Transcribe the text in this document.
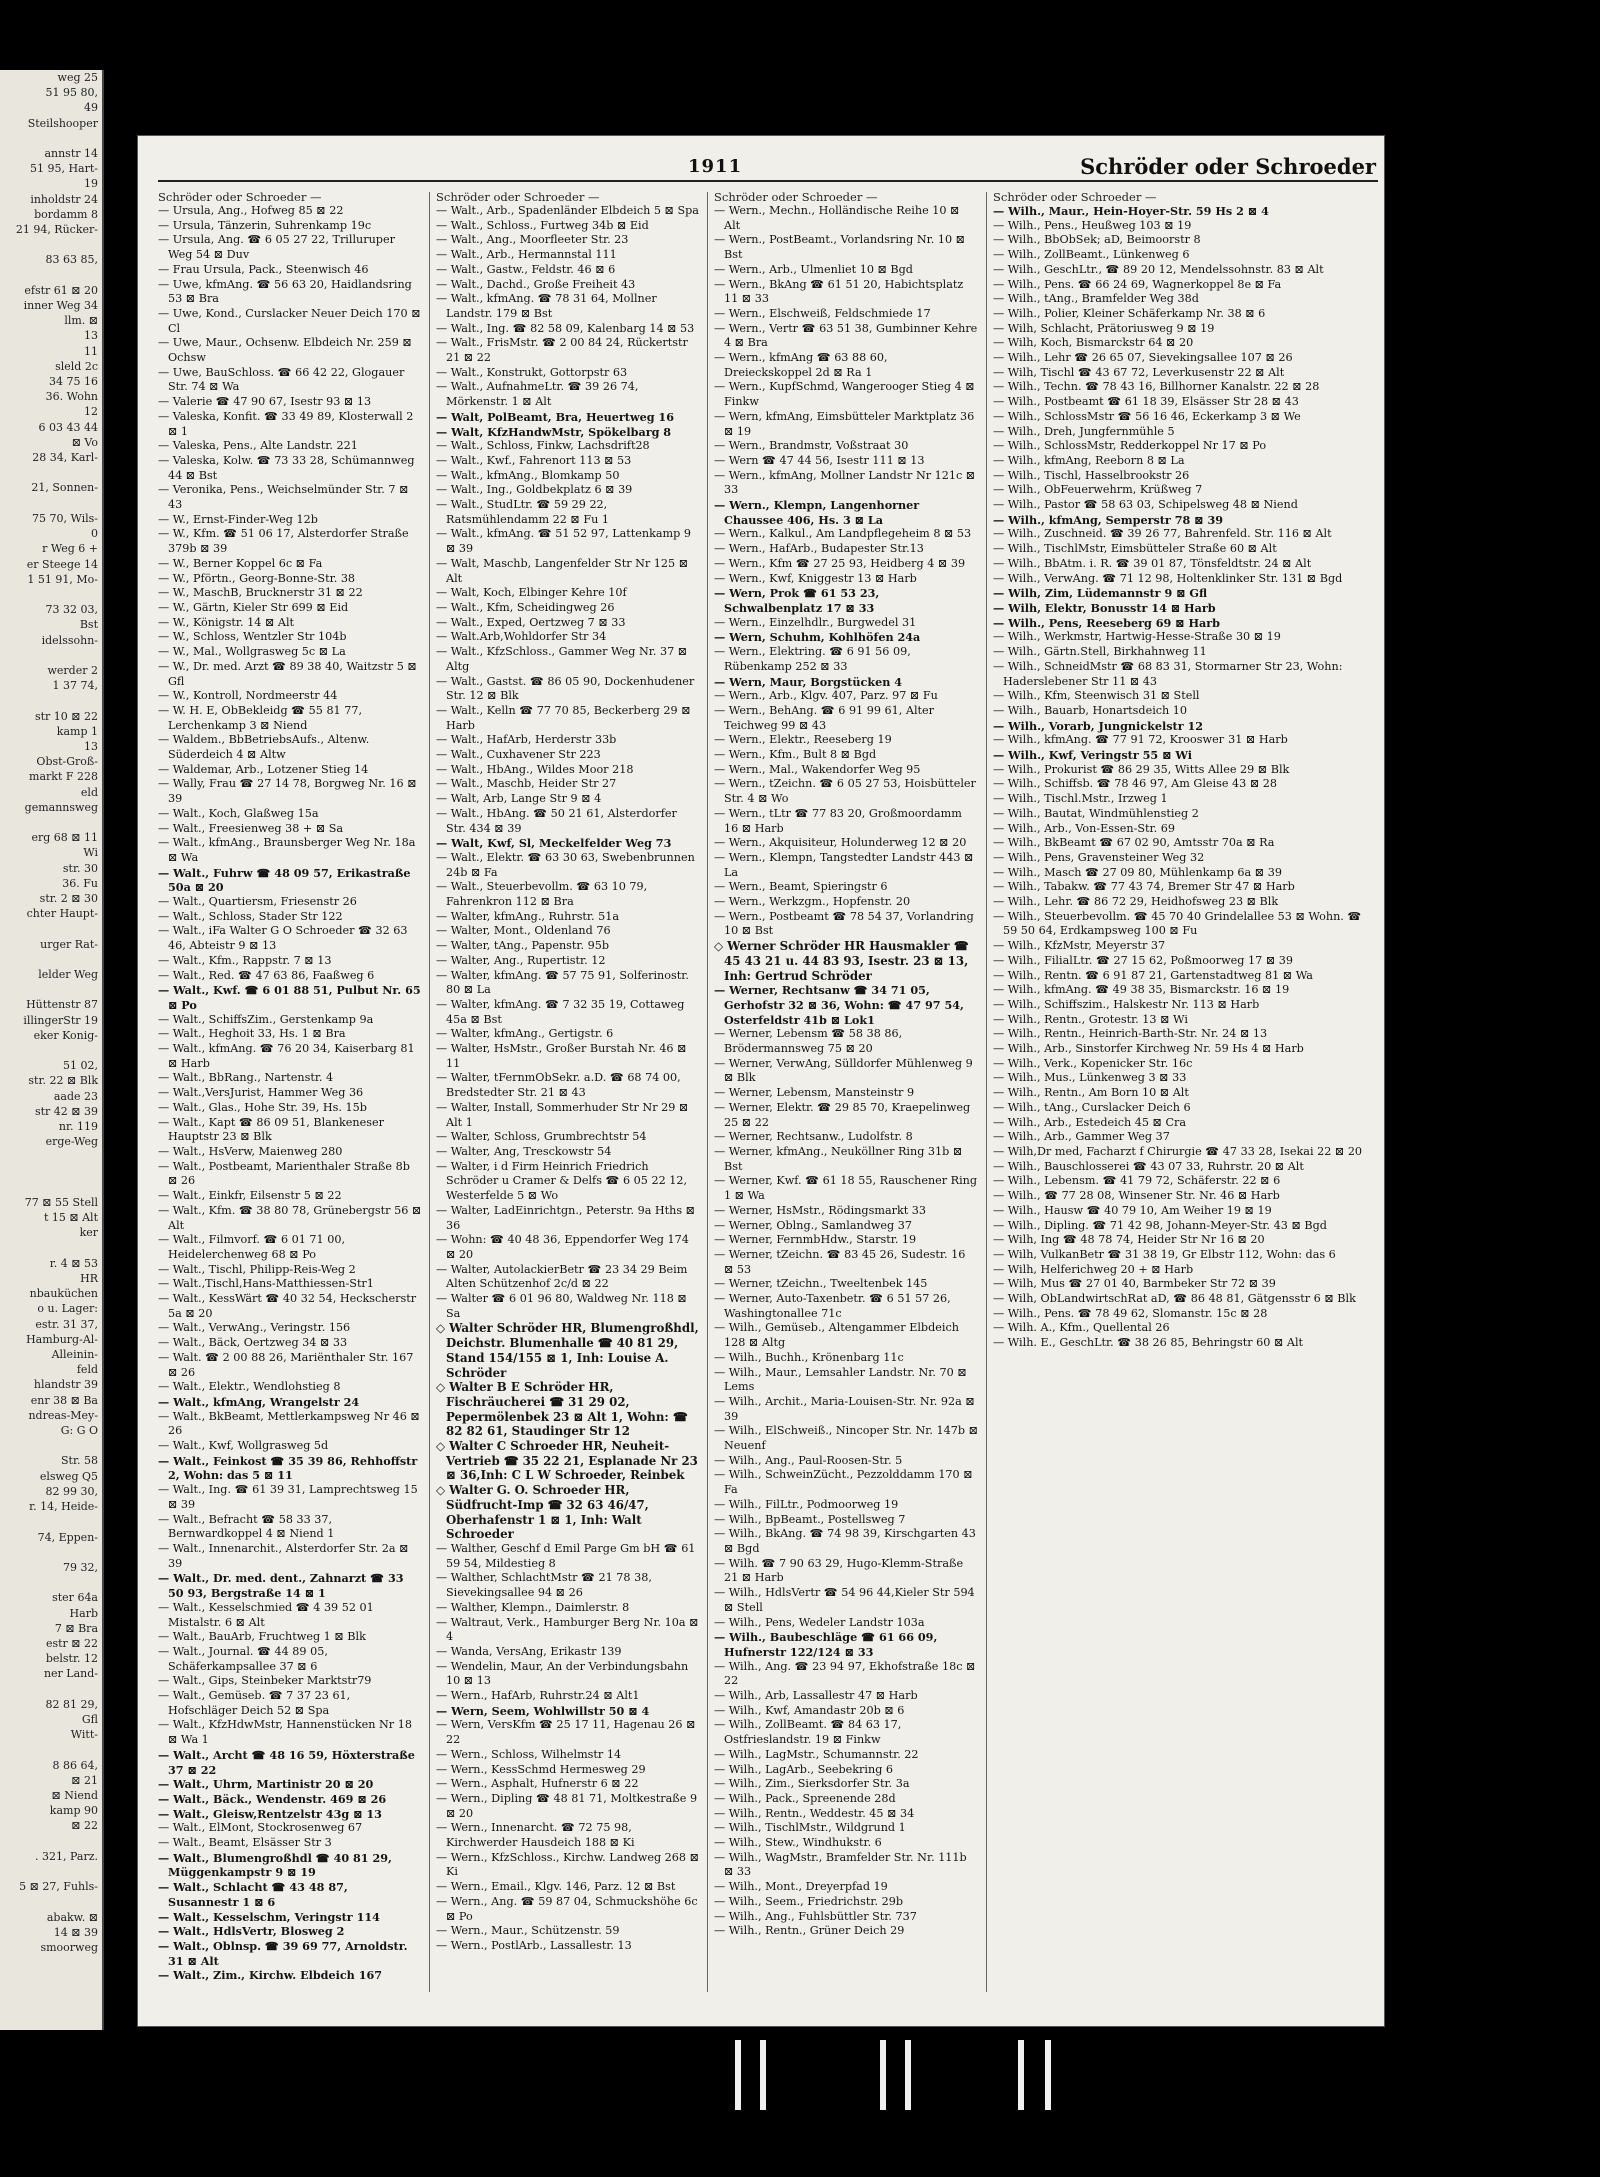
weg 25
51 95 80,
49
Steilshooper

annstr 14
51 95, Hart-
19
inholdstr 24
bordamm 8
21 94, Rücker-

83 63 85,

efstr 61 ⊠ 20
inner Weg 34
llm. ⊠
13
11
sleld 2c
34 75 16
36. Wohn
12
6 03 43 44
⊠ Vo
28 34, Karl-

21, Sonnen-

75 70, Wils-
0
r Weg 6 +
er Steege 14
1 51 91, Mo-

73 32 03,
Bst
idelssohn-

werder 2
1 37 74,

str 10 ⊠ 22
kamp 1
13
Obst-Groß-
markt F 228
eld
gemannsweg

erg 68 ⊠ 11
Wi
str. 30
36. Fu
str. 2 ⊠ 30
chter Haupt-

urger Rat-

lelder Weg

Hüttenstr 87
illingerStr 19
eker Konig-

51 02,
str. 22 ⊠ Blk
aade 23
str 42 ⊠ 39
nr. 119
erge-Weg

77 ⊠ 55 Stell
t 15 ⊠ Alt
ker

r. 4 ⊠ 53
HR
nbauküchen
o u. Lager:
estr. 31 37,
Hamburg-Al-
Alleinin-
feld
hlandstr 39
enr 38 ⊠ Ba
ndreas-Mey-
G: G O

Str. 58
elsweg Q5
82 99 30,
r. 14, Heide-

74, Eppen-

79 32,

ster 64a
Harb
7 ⊠ Bra
estr ⊠ 22
belstr. 12
ner Land-

82 81 29,
Gfl
Witt-

8 86 64,
⊠ 21
⊠ Niend
kamp 90
⊠ 22

. 321, Parz.

5 ⊠ 27, Fuhls-

abakw. ⊠
14 ⊠ 39
smoorweg
1911	Schröder oder Schroeder
Schröder oder Schroeder —
— Ursula, Ang., Hofweg 85 ⊠ 22
— Ursula, Tänzerin, Suhrenkamp 19c
— Ursula, Ang. ☎ 6 05 27 22, Trilluruper Weg 54 ⊠ Duv
— Frau Ursula, Pack., Steenwisch 46
— Uwe, kfmAng. ☎ 56 63 20, Haidlandsring 53 ⊠ Bra
— Uwe, Kond., Curslacker Neuer Deich 170 ⊠ Cl
— Uwe, Maur., Ochsenw. Elbdeich Nr. 259 ⊠ Ochsw
— Uwe, BauSchloss. ☎ 66 42 22, Glogauer Str. 74 ⊠ Wa
— Valerie ☎ 47 90 67, Isestr 93 ⊠ 13
— Valeska, Konfit. ☎ 33 49 89, Klosterwall 2 ⊠ 1
— Valeska, Pens., Alte Landstr. 221
— Valeska, Kolw. ☎ 73 33 28, Schümannweg 44 ⊠ Bst
— Veronika, Pens., Weichselmünder Str. 7 ⊠ 43
— W., Ernst-Finder-Weg 12b
— W., Kfm. ☎ 51 06 17, Alsterdorfer Straße 379b ⊠ 39
— W., Berner Koppel 6c ⊠ Fa
— W., Pförtn., Georg-Bonne-Str. 38
— W., MaschB, Brucknerstr 31 ⊠ 22
— W., Gärtn, Kieler Str 699 ⊠ Eid
— W., Königstr. 14 ⊠ Alt
— W., Schloss, Wentzler Str 104b
— W., Mal., Wollgrasweg 5c ⊠ La
— W., Dr. med. Arzt ☎ 89 38 40, Waitzstr 5 ⊠ Gfl
— W., Kontroll, Nordmeerstr 44
— W. H. E, ObBekleidg ☎ 55 81 77, Lerchenkamp 3 ⊠ Niend
— Waldem., BbBetriebsAufs., Altenw. Süderdeich 4 ⊠ Altw
— Waldemar, Arb., Lotzener Stieg 14
— Wally, Frau ☎ 27 14 78, Borgweg Nr. 16 ⊠ 39
— Walt., Koch, Glaßweg 15a
— Walt., Freesienweg 38 + ⊠ Sa
— Walt., kfmAng., Braunsberger Weg Nr. 18a ⊠ Wa
— Walt., Fuhrw ☎ 48 09 57, Erikastraße 50a ⊠ 20
— Walt., Quartiersm, Friesenstr 26
— Walt., Schloss, Stader Str 122
— Walt., iFa Walter G O Schroeder ☎ 32 63 46, Abteistr 9 ⊠ 13
— Walt., Kfm., Rappstr. 7 ⊠ 13
— Walt., Red. ☎ 47 63 86, Faaßweg 6
— Walt., Kwf. ☎ 6 01 88 51, Pulbut Nr. 65 ⊠ Po
— Walt., SchiffsZim., Gerstenkamp 9a
— Walt., Heghoit 33, Hs. 1 ⊠ Bra
— Walt., kfmAng. ☎ 76 20 34, Kaiserbarg 81 ⊠ Harb
— Walt., BbRang., Nartenstr. 4
— Walt.,VersJurist, Hammer Weg 36
— Walt., Glas., Hohe Str. 39, Hs. 15b
— Walt., Kapt ☎ 86 09 51, Blankeneser Hauptstr 23 ⊠ Blk
— Walt., HsVerw, Maienweg 280
— Walt., Postbeamt, Marienthaler Straße 8b ⊠ 26
— Walt., Einkfr, Eilsenstr 5 ⊠ 22
— Walt., Kfm. ☎ 38 80 78, Grünebergstr 56 ⊠ Alt
— Walt., Filmvorf. ☎ 6 01 71 00, Heidelerchenweg 68 ⊠ Po
— Walt., Tischl, Philipp-Reis-Weg 2
— Walt.,Tischl,Hans-Matthiessen-Str1
— Walt., KessWärt ☎ 40 32 54, Heckscherstr 5a ⊠ 20
— Walt., VerwAng., Veringstr. 156
— Walt., Bäck, Oertzweg 34 ⊠ 33
— Walt. ☎ 2 00 88 26, Mariënthaler Str. 167 ⊠ 26
— Walt., Elektr., Wendlohstieg 8
— Walt., kfmAng, Wrangelstr 24
— Walt., BkBeamt, Mettlerkampsweg Nr 46 ⊠ 26
— Walt., Kwf, Wollgrasweg 5d
— Walt., Feinkost ☎ 35 39 86, Rehhoffstr 2, Wohn: das 5 ⊠ 11
— Walt., Ing. ☎ 61 39 31, Lamprechtsweg 15 ⊠ 39
— Walt., Befracht ☎ 58 33 37, Bernwardkoppel 4 ⊠ Niend 1
— Walt., Innenarchit., Alsterdorfer Str. 2a ⊠ 39
— Walt., Dr. med. dent., Zahnarzt ☎ 33 50 93, Bergstraße 14 ⊠ 1
— Walt., Kesselschmied ☎ 4 39 52 01 Mistalstr. 6 ⊠ Alt
— Walt., BauArb, Fruchtweg 1 ⊠ Blk
— Walt., Journal. ☎ 44 89 05, Schäferkampsallee 37 ⊠ 6
— Walt., Gips, Steinbeker Marktstr79
— Walt., Gemüseb. ☎ 7 37 23 61, Hofschläger Deich 52 ⊠ Spa
— Walt., KfzHdwMstr, Hannenstücken Nr 18 ⊠ Wa 1
— Walt., Archt ☎ 48 16 59, Höxterstraße 37 ⊠ 22
— Walt., Uhrm, Martinistr 20 ⊠ 20
— Walt., Bäck., Wendenstr. 469 ⊠ 26
— Walt., Gleisw,Rentzelstr 43g ⊠ 13
— Walt., ElMont, Stockrosenweg 67
— Walt., Beamt, Elsässer Str 3
— Walt., Blumengroßhdl ☎ 40 81 29, Müggenkampstr 9 ⊠ 19
— Walt., Schlacht ☎ 43 48 87, Susannestr 1 ⊠ 6
— Walt., Kesselschm, Veringstr 114
— Walt., HdlsVertr, Blosweg 2
— Walt., Oblnsp. ☎ 39 69 77, Arnoldstr. 31 ⊠ Alt
— Walt., Zim., Kirchw. Elbdeich 167
Schröder oder Schroeder —
— Walt., Arb., Spadenländer Elbdeich 5 ⊠ Spa
— Walt., Schloss., Furtweg 34b ⊠ Eid
— Walt., Ang., Moorfleeter Str. 23
— Walt., Arb., Hermannstal 111
— Walt., Gastw., Feldstr. 46 ⊠ 6
— Walt., Dachd., Große Freiheit 43
— Walt., kfmAng. ☎ 78 31 64, Mollner Landstr. 179 ⊠ Bst
— Walt., Ing. ☎ 82 58 09, Kalenbarg 14 ⊠ 53
— Walt., FrisMstr. ☎ 2 00 84 24, Rückertstr 21 ⊠ 22
— Walt., Konstrukt, Gottorpstr 63
— Walt., AufnahmeLtr. ☎ 39 26 74, Mörkenstr. 1 ⊠ Alt
— Walt, PolBeamt, Bra, Heuertweg 16
— Walt, KfzHandwMstr, Spökelbarg 8
— Walt., Schloss, Finkw, Lachsdrift28
— Walt., Kwf., Fahrenort 113 ⊠ 53
— Walt., kfmAng., Blomkamp 50
— Walt., Ing., Goldbekplatz 6 ⊠ 39
— Walt., StudLtr. ☎ 59 29 22, Ratsmühlendamm 22 ⊠ Fu 1
— Walt., kfmAng. ☎ 51 52 97, Lattenkamp 9 ⊠ 39
— Walt, Maschb, Langenfelder Str Nr 125 ⊠ Alt
— Walt, Koch, Elbinger Kehre 10f
— Walt., Kfm, Scheidingweg 26
— Walt., Exped, Oertzweg 7 ⊠ 33
— Walt.Arb,Wohldorfer Str 34
— Walt., KfzSchloss., Gammer Weg Nr. 37 ⊠ Altg
— Walt., Gastst. ☎ 86 05 90, Dockenhudener Str. 12 ⊠ Blk
— Walt., Kelln ☎ 77 70 85, Beckerberg 29 ⊠ Harb
— Walt., HafArb, Herderstr 33b
— Walt., Cuxhavener Str 223
— Walt., HbAng., Wildes Moor 218
— Walt., Maschb, Heider Str 27
— Walt, Arb, Lange Str 9 ⊠ 4
— Walt., HbAng. ☎ 50 21 61, Alsterdorfer Str. 434 ⊠ 39
— Walt, Kwf, Sl, Meckelfelder Weg 73
— Walt., Elektr. ☎ 63 30 63, Swebenbrunnen 24b ⊠ Fa
— Walt., Steuerbevollm. ☎ 63 10 79, Fahrenkron 112 ⊠ Bra
— Walter, kfmAng., Ruhrstr. 51a
— Walter, Mont., Oldenland 76
— Walter, tAng., Papenstr. 95b
— Walter, Ang., Rupertistr. 12
— Walter, kfmAng. ☎ 57 75 91, Solferinostr. 80 ⊠ La
— Walter, kfmAng. ☎ 7 32 35 19, Cottaweg 45a ⊠ Bst
— Walter, kfmAng., Gertigstr. 6
— Walter, HsMstr., Großer Burstah Nr. 46 ⊠ 11
— Walter, tFernmObSekr. a.D. ☎ 68 74 00, Bredstedter Str. 21 ⊠ 43
— Walter, Install, Sommerhuder Str Nr 29 ⊠ Alt 1
— Walter, Schloss, Grumbrechtstr 54
— Walter, Ang, Tresckowstr 54
— Walter, i d Firm Heinrich Friedrich Schröder u Cramer & Delfs ☎ 6 05 22 12, Westerfelde 5 ⊠ Wo
— Walter, LadEinrichtgn., Peterstr. 9a Hths ⊠ 36
— Wohn: ☎ 40 48 36, Eppendorfer Weg 174 ⊠ 20
— Walter, AutolackierBetr ☎ 23 34 29 Beim Alten Schützenhof 2c/d ⊠ 22
— Walter ☎ 6 01 96 80, Waldweg Nr. 118 ⊠ Sa
◇ Walter Schröder HR, Blumengroßhdl, Deichstr. Blumenhalle ☎ 40 81 29, Stand 154/155 ⊠ 1, Inh: Louise A. Schröder
◇ Walter B E Schröder HR, Fischräucherei ☎ 31 29 02, Pepermölenbek 23 ⊠ Alt 1, Wohn: ☎ 82 82 61, Staudinger Str 12
◇ Walter C Schroeder HR, Neuheit-Vertrieb ☎ 35 22 21, Esplanade Nr 23 ⊠ 36,Inh: C L W Schroeder, Reinbek
◇ Walter G. O. Schroeder HR, Südfrucht-Imp ☎ 32 63 46/47, Oberhafenstr 1 ⊠ 1, Inh: Walt Schroeder
— Walther, Geschf d Emil Parge Gm bH ☎ 61 59 54, Mildestieg 8
— Walther, SchlachtMstr ☎ 21 78 38, Sievekingsallee 94 ⊠ 26
— Walther, Klempn., Daimlerstr. 8
— Waltraut, Verk., Hamburger Berg Nr. 10a ⊠ 4
— Wanda, VersAng, Erikastr 139
— Wendelin, Maur, An der Verbindungsbahn 10 ⊠ 13
— Wern., HafArb, Ruhrstr.24 ⊠ Alt1
— Wern, Seem, Wohlwillstr 50 ⊠ 4
— Wern, VersKfm ☎ 25 17 11, Hagenau 26 ⊠ 22
— Wern., Schloss, Wilhelmstr 14
— Wern., KessSchmd Hermesweg 29
— Wern., Asphalt, Hufnerstr 6 ⊠ 22
— Wern., Dipling ☎ 48 81 71, Moltkestraße 9 ⊠ 20
— Wern., Innenarcht. ☎ 72 75 98, Kirchwerder Hausdeich 188 ⊠ Ki
— Wern., KfzSchloss., Kirchw. Landweg 268 ⊠ Ki
— Wern., Email., Klgv. 146, Parz. 12 ⊠ Bst
— Wern., Ang. ☎ 59 87 04, Schmuckshöhe 6c ⊠ Po
— Wern., Maur., Schützenstr. 59
— Wern., PostlArb., Lassallestr. 13
Schröder oder Schroeder —
— Wern., Mechn., Holländische Reihe 10 ⊠ Alt
— Wern., PostBeamt., Vorlandsring Nr. 10 ⊠ Bst
— Wern., Arb., Ulmenliet 10 ⊠ Bgd
— Wern., BkAng ☎ 61 51 20, Habichtsplatz 11 ⊠ 33
— Wern., Elschweiß, Feldschmiede 17
— Wern., Vertr ☎ 63 51 38, Gumbinner Kehre 4 ⊠ Bra
— Wern., kfmAng ☎ 63 88 60, Dreieckskoppel 2d ⊠ Ra 1
— Wern., KupfSchmd, Wangerooger Stieg 4 ⊠ Finkw
— Wern, kfmAng, Eimsbütteler Marktplatz 36 ⊠ 19
— Wern., Brandmstr, Voßstraat 30
— Wern ☎ 47 44 56, Isestr 111 ⊠ 13
— Wern., kfmAng, Mollner Landstr Nr 121c ⊠ 33
— Wern., Klempn, Langenhorner Chaussee 406, Hs. 3 ⊠ La
— Wern., Kalkul., Am Landpflegeheim 8 ⊠ 53
— Wern., HafArb., Budapester Str.13
— Wern., Kfm ☎ 27 25 93, Heidberg 4 ⊠ 39
— Wern., Kwf, Kniggestr 13 ⊠ Harb
— Wern, Prok ☎ 61 53 23, Schwalbenplatz 17 ⊠ 33
— Wern., Einzelhdlr., Burgwedel 31
— Wern, Schuhm, Kohlhöfen 24a
— Wern., Elektring. ☎ 6 91 56 09, Rübenkamp 252 ⊠ 33
— Wern, Maur, Borgstücken 4
— Wern., Arb., Klgv. 407, Parz. 97 ⊠ Fu
— Wern., BehAng. ☎ 6 91 99 61, Alter Teichweg 99 ⊠ 43
— Wern., Elektr., Reeseberg 19
— Wern., Kfm., Bult 8 ⊠ Bgd
— Wern., Mal., Wakendorfer Weg 95
— Wern., tZeichn. ☎ 6 05 27 53, Hoisbütteler Str. 4 ⊠ Wo
— Wern., tLtr ☎ 77 83 20, Großmoordamm 16 ⊠ Harb
— Wern., Akquisiteur, Holunderweg 12 ⊠ 20
— Wern., Klempn, Tangstedter Landstr 443 ⊠ La
— Wern., Beamt, Spieringstr 6
— Wern., Werkzgm., Hopfenstr. 20
— Wern., Postbeamt ☎ 78 54 37, Vorlandring 10 ⊠ Bst
◇ Werner Schröder HR Hausmakler ☎ 45 43 21 u. 44 83 93, Isestr. 23 ⊠ 13, Inh: Gertrud Schröder
— Werner, Rechtsanw ☎ 34 71 05, Gerhofstr 32 ⊠ 36, Wohn: ☎ 47 97 54, Osterfeldstr 41b ⊠ Lok1
— Werner, Lebensm ☎ 58 38 86, Brödermannsweg 75 ⊠ 20
— Werner, VerwAng, Sülldorfer Mühlenweg 9 ⊠ Blk
— Werner, Lebensm, Mansteinstr 9
— Werner, Elektr. ☎ 29 85 70, Kraepelinweg 25 ⊠ 22
— Werner, Rechtsanw., Ludolfstr. 8
— Werner, kfmAng., Neuköllner Ring 31b ⊠ Bst
— Werner, Kwf. ☎ 61 18 55, Rauschener Ring 1 ⊠ Wa
— Werner, HsMstr., Rödingsmarkt 33
— Werner, Oblng., Samlandweg 37
— Werner, FernmbHdw., Starstr. 19
— Werner, tZeichn. ☎ 83 45 26, Sudestr. 16 ⊠ 53
— Werner, tZeichn., Tweeltenbek 145
— Werner, Auto-Taxenbetr. ☎ 6 51 57 26, Washingtonallee 71c
— Wilh., Gemüseb., Altengammer Elbdeich 128 ⊠ Altg
— Wilh., Buchh., Krönenbarg 11c
— Wilh., Maur., Lemsahler Landstr. Nr. 70 ⊠ Lems
— Wilh., Archit., Maria-Louisen-Str. Nr. 92a ⊠ 39
— Wilh., ElSchweiß., Nincoper Str. Nr. 147b ⊠ Neuenf
— Wilh., Ang., Paul-Roosen-Str. 5
— Wilh., SchweinZücht., Pezzolddamm 170 ⊠ Fa
— Wilh., FilLtr., Podmoorweg 19
— Wilh., BpBeamt., Postellsweg 7
— Wilh., BkAng. ☎ 74 98 39, Kirschgarten 43 ⊠ Bgd
— Wilh. ☎ 7 90 63 29, Hugo-Klemm-Straße 21 ⊠ Harb
— Wilh., HdlsVertr ☎ 54 96 44,Kieler Str 594 ⊠ Stell
— Wilh., Pens, Wedeler Landstr 103a
— Wilh., Baubeschläge ☎ 61 66 09, Hufnerstr 122/124 ⊠ 33
— Wilh., Ang. ☎ 23 94 97, Ekhofstraße 18c ⊠ 22
— Wilh., Arb, Lassallestr 47 ⊠ Harb
— Wilh., Kwf, Amandastr 20b ⊠ 6
— Wilh., ZollBeamt. ☎ 84 63 17, Ostfrieslandstr. 19 ⊠ Finkw
— Wilh., LagMstr., Schumannstr. 22
— Wilh., LagArb., Seebekring 6
— Wilh., Zim., Sierksdorfer Str. 3a
— Wilh., Pack., Spreenende 28d
— Wilh., Rentn., Weddestr. 45 ⊠ 34
— Wilh., TischlMstr., Wildgrund 1
— Wilh., Stew., Windhukstr. 6
— Wilh., WagMstr., Bramfelder Str. Nr. 111b ⊠ 33
— Wilh., Mont., Dreyerpfad 19
— Wilh., Seem., Friedrichstr. 29b
— Wilh., Ang., Fuhlsbüttler Str. 737
— Wilh., Rentn., Grüner Deich 29
Schröder oder Schroeder —
— Wilh., Maur., Hein-Hoyer-Str. 59 Hs 2 ⊠ 4
— Wilh., Pens., Heußweg 103 ⊠ 19
— Wilh., BbObSek; aD, Beimoorstr 8
— Wilh., ZollBeamt., Lünkenweg 6
— Wilh., GeschLtr., ☎ 89 20 12, Mendelssohnstr. 83 ⊠ Alt
— Wilh., Pens. ☎ 66 24 69, Wagnerkoppel 8e ⊠ Fa
— Wilh., tAng., Bramfelder Weg 38d
— Wilh., Polier, Kleiner Schäferkamp Nr. 38 ⊠ 6
— Wilh, Schlacht, Prätoriusweg 9 ⊠ 19
— Wilh, Koch, Bismarckstr 64 ⊠ 20
— Wilh., Lehr ☎ 26 65 07, Sievekingsallee 107 ⊠ 26
— Wilh, Tischl ☎ 43 67 72, Leverkusenstr 22 ⊠ Alt
— Wilh., Techn. ☎ 78 43 16, Billhorner Kanalstr. 22 ⊠ 28
— Wilh., Postbeamt ☎ 61 18 39, Elsässer Str 28 ⊠ 43
— Wilh., SchlossMstr ☎ 56 16 46, Eckerkamp 3 ⊠ We
— Wilh., Dreh, Jungfernmühle 5
— Wilh., SchlossMstr, Redderkoppel Nr 17 ⊠ Po
— Wilh., kfmAng, Reeborn 8 ⊠ La
— Wilh., Tischl, Hasselbrookstr 26
— Wilh., ObFeuerwehrm, Krüßweg 7
— Wilh., Pastor ☎ 58 63 03, Schipelsweg 48 ⊠ Niend
— Wilh., kfmAng, Semperstr 78 ⊠ 39
— Wilh., Zuschneid. ☎ 39 26 77, Bahrenfeld. Str. 116 ⊠ Alt
— Wilh., TischlMstr, Eimsbütteler Straße 60 ⊠ Alt
— Wilh., BbAtm. i. R. ☎ 39 01 87, Tönsfeldtstr. 24 ⊠ Alt
— Wilh., VerwAng. ☎ 71 12 98, Holtenklinker Str. 131 ⊠ Bgd
— Wilh, Zim, Lüdemannstr 9 ⊠ Gfl
— Wilh, Elektr, Bonusstr 14 ⊠ Harb
— Wilh., Pens, Reeseberg 69 ⊠ Harb
— Wilh., Werkmstr, Hartwig-Hesse-Straße 30 ⊠ 19
— Wilh., Gärtn.Stell, Birkhahnweg 11
— Wilh., SchneidMstr ☎ 68 83 31, Stormarner Str 23, Wohn: Haderslebener Str 11 ⊠ 43
— Wilh., Kfm, Steenwisch 31 ⊠ Stell
— Wilh., Bauarb, Honartsdeich 10
— Wilh., Vorarb, Jungnickelstr 12
— Wilh., kfmAng. ☎ 77 91 72, Krooswег 31 ⊠ Harb
— Wilh., Kwf, Veringstr 55 ⊠ Wi
— Wilh., Prokurist ☎ 86 29 35, Witts Allee 29 ⊠ Blk
— Wilh., Schiffsb. ☎ 78 46 97, Am Gleise 43 ⊠ 28
— Wilh., Tischl.Mstr., Irzweg 1
— Wilh., Bautat, Windmühlenstieg 2
— Wilh., Arb., Von-Essen-Str. 69
— Wilh., BkBeamt ☎ 67 02 90, Amtsstr 70a ⊠ Ra
— Wilh., Pens, Gravensteiner Weg 32
— Wilh., Masch ☎ 27 09 80, Mühlenkamp 6a ⊠ 39
— Wilh., Tabakw. ☎ 77 43 74, Bremer Str 47 ⊠ Harb
— Wilh., Lehr. ☎ 86 72 29, Heidhofsweg 23 ⊠ Blk
— Wilh., Steuerbevollm. ☎ 45 70 40 Grindelallee 53 ⊠ Wohn. ☎ 59 50 64, Erdkampsweg 100 ⊠ Fu
— Wilh., KfzMstr, Meyerstr 37
— Wilh., FilialLtr. ☎ 27 15 62, Poßmoorweg 17 ⊠ 39
— Wilh., Rentn. ☎ 6 91 87 21, Gartenstadtweg 81 ⊠ Wa
— Wilh., kfmAng. ☎ 49 38 35, Bismarckstr. 16 ⊠ 19
— Wilh., Schiffszim., Halskestr Nr. 113 ⊠ Harb
— Wilh., Rentn., Grotestr. 13 ⊠ Wi
— Wilh., Rentn., Heinrich-Barth-Str. Nr. 24 ⊠ 13
— Wilh., Arb., Sinstorfer Kirchweg Nr. 59 Hs 4 ⊠ Harb
— Wilh., Verk., Kopenicker Str. 16c
— Wilh., Mus., Lünkenweg 3 ⊠ 33
— Wilh., Rentn., Am Born 10 ⊠ Alt
— Wilh., tAng., Curslacker Deich 6
— Wilh., Arb., Estedeich 45 ⊠ Cra
— Wilh., Arb., Gammer Weg 37
— Wilh,Dr med, Facharzt f Chirurgie ☎ 47 33 28, Isekai 22 ⊠ 20
— Wilh., Bauschlosserei ☎ 43 07 33, Ruhrstr. 20 ⊠ Alt
— Wilh., Lebensm. ☎ 41 79 72, Schäferstr. 22 ⊠ 6
— Wilh., ☎ 77 28 08, Winsener Str. Nr. 46 ⊠ Harb
— Wilh., Hausw ☎ 40 79 10, Am Weiher 19 ⊠ 19
— Wilh., Dipling. ☎ 71 42 98, Johann-Meyer-Str. 43 ⊠ Bgd
— Wilh, Ing ☎ 48 78 74, Heider Str Nr 16 ⊠ 20
— Wilh, VulkanBetr ☎ 31 38 19, Gr Elbstr 112, Wohn: das 6
— Wilh, Helferichweg 20 + ⊠ Harb
— Wilh, Mus ☎ 27 01 40, Barmbeker Str 72 ⊠ 39
— Wilh, ObLandwirtschRat aD, ☎ 86 48 81, Gätgensstr 6 ⊠ Blk
— Wilh., Pens. ☎ 78 49 62, Slomanstr. 15c ⊠ 28
— Wilh. A., Kfm., Quellental 26
— Wilh. E., GeschLtr. ☎ 38 26 85, Behringstr 60 ⊠ Alt
